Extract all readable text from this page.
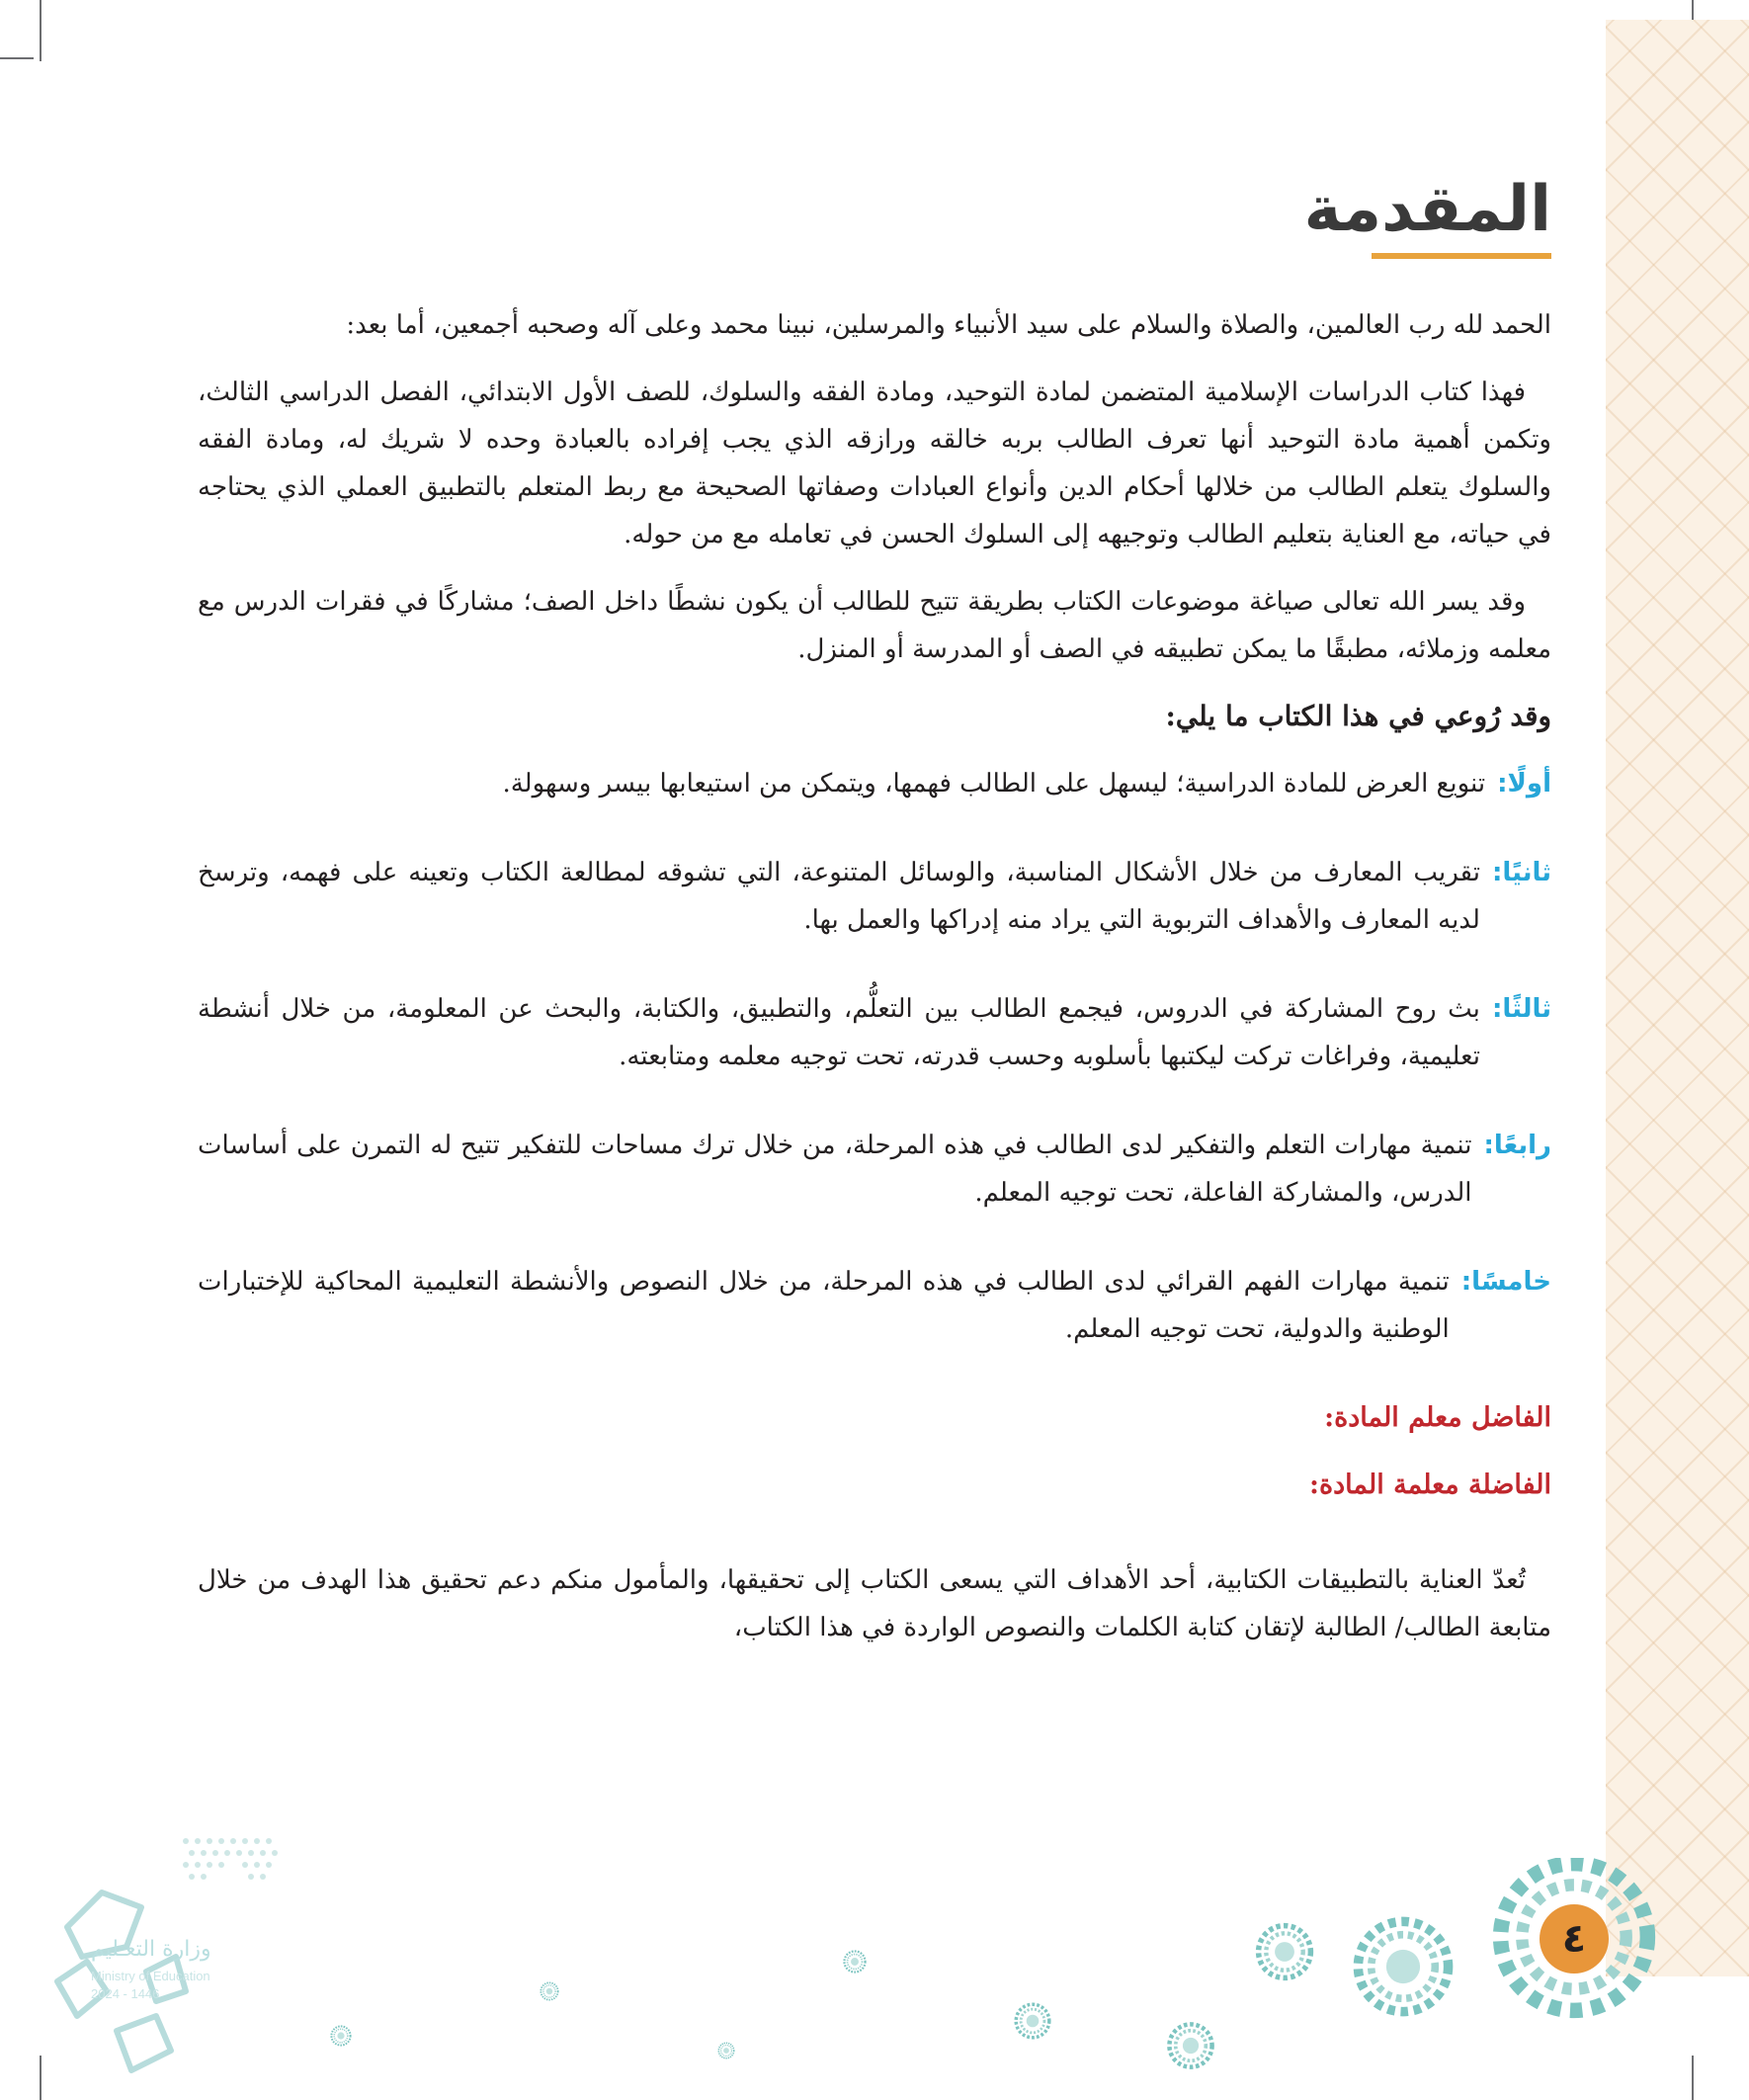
المقدمة

الحمد لله رب العالمين، والصلاة والسلام على سيد الأنبياء والمرسلين، نبينا محمد وعلى آله وصحبه أجمعين، أما بعد:

فهذا كتاب الدراسات الإسلامية المتضمن لمادة التوحيد، ومادة الفقه والسلوك، للصف الأول الابتدائي، الفصل الدراسي الثالث، وتكمن أهمية مادة التوحيد أنها تعرف الطالب بربه خالقه ورازقه الذي يجب إفراده بالعبادة وحده لا شريك له، ومادة الفقه والسلوك يتعلم الطالب من خلالها أحكام الدين وأنواع العبادات وصفاتها الصحيحة مع ربط المتعلم بالتطبيق العملي الذي يحتاجه في حياته، مع العناية بتعليم الطالب وتوجيهه إلى السلوك الحسن في تعامله مع من حوله.

وقد يسر الله تعالى صياغة موضوعات الكتاب بطريقة تتيح للطالب أن يكون نشطًا داخل الصف؛ مشاركًا في فقرات الدرس مع معلمه وزملائه، مطبقًا ما يمكن تطبيقه في الصف أو المدرسة أو المنزل.

وقد رُوعي في هذا الكتاب ما يلي:

أولًا:

تنويع العرض للمادة الدراسية؛ ليسهل على الطالب فهمها، ويتمكن من استيعابها بيسر وسهولة.

ثانيًا:

تقريب المعارف من خلال الأشكال المناسبة، والوسائل المتنوعة، التي تشوقه لمطالعة الكتاب وتعينه على فهمه، وترسخ لديه المعارف والأهداف التربوية التي يراد منه إدراكها والعمل بها.

ثالثًا:

بث روح المشاركة في الدروس، فيجمع الطالب بين التعلُّم، والتطبيق، والكتابة، والبحث عن المعلومة، من خلال أنشطة تعليمية، وفراغات تركت ليكتبها بأسلوبه وحسب قدرته، تحت توجيه معلمه ومتابعته.

رابعًا:

تنمية مهارات التعلم والتفكير لدى الطالب في هذه المرحلة، من خلال ترك مساحات للتفكير تتيح له التمرن على أساسات الدرس، والمشاركة الفاعلة، تحت توجيه المعلم.

خامسًا:

تنمية مهارات الفهم القرائي لدى الطالب في هذه المرحلة، من خلال النصوص والأنشطة التعليمية المحاكية للإختبارات الوطنية والدولية، تحت توجيه المعلم.

الفاضل معلم المادة:

الفاضلة معلمة المادة:

تُعدّ العناية بالتطبيقات الكتابية، أحد الأهداف التي يسعى الكتاب إلى تحقيقها، والمأمول منكم دعم تحقيق هذا الهدف من خلال متابعة الطالب/ الطالبة لإتقان كتابة الكلمات والنصوص الواردة في هذا الكتاب،

وزارة التعـليم
Ministry of Education
2024 - 1446
٤
